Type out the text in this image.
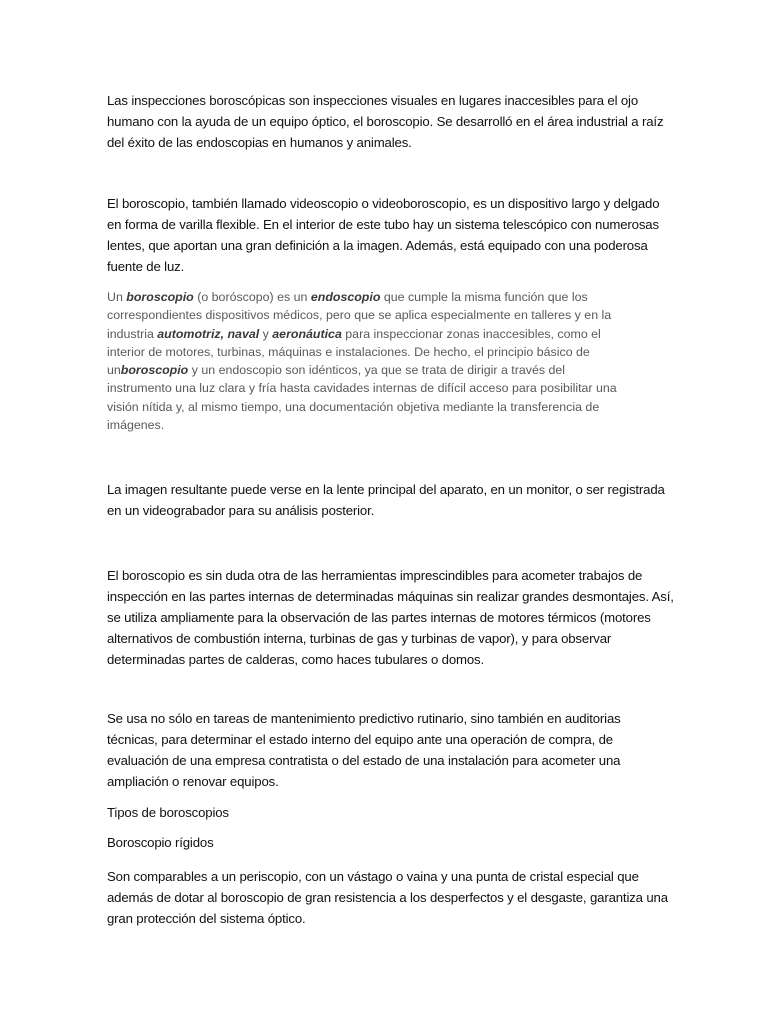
Las inspecciones boroscópicas son inspecciones visuales en lugares inaccesibles para el ojo
humano con la ayuda de un equipo óptico, el boroscopio. Se desarrolló en el área industrial a raíz
del éxito de las endoscopias en humanos y animales.

El boroscopio, también llamado videoscopio o videoboroscopio, es un dispositivo largo y delgado
en forma de varilla flexible. En el interior de este tubo hay un sistema telescópico con numerosas
lentes, que aportan una gran definición a la imagen. Además, está equipado con una poderosa
fuente de luz.

Un boroscopio (o boróscopo) es un endoscopio que cumple la misma función que los
correspondientes dispositivos médicos, pero que se aplica especialmente en talleres y en la
industria automotriz, naval y aeronáutica para inspeccionar zonas inaccesibles, como el
interior de motores, turbinas, máquinas e instalaciones. De hecho, el principio básico de
unboroscopio y un endoscopio son idénticos, ya que se trata de dirigir a través del
instrumento una luz clara y fría hasta cavidades internas de difícil acceso para posibilitar una
visión nítida y, al mismo tiempo, una documentación objetiva mediante la transferencia de
imágenes.

La imagen resultante puede verse en la lente principal del aparato, en un monitor, o ser registrada
en un videograbador para su análisis posterior.

El boroscopio es sin duda otra de las herramientas imprescindibles para acometer trabajos de
inspección en las partes internas de determinadas máquinas sin realizar grandes desmontajes. Así,
se utiliza ampliamente para la observación de las partes internas de motores térmicos (motores
alternativos de combustión interna, turbinas de gas y turbinas de vapor), y para observar
determinadas partes de calderas, como haces tubulares o domos.

Se usa no sólo en tareas de mantenimiento predictivo rutinario, sino también en auditorias
técnicas, para determinar el estado interno del equipo ante una operación de compra, de
evaluación de una empresa contratista o del estado de una instalación para acometer una
ampliación o renovar equipos.

Tipos de boroscopios

Boroscopio rígidos

Son comparables a un periscopio, con un vástago o vaina y una punta de cristal especial que
además de dotar al boroscopio de gran resistencia a los desperfectos y el desgaste, garantiza una
gran protección del sistema óptico.
